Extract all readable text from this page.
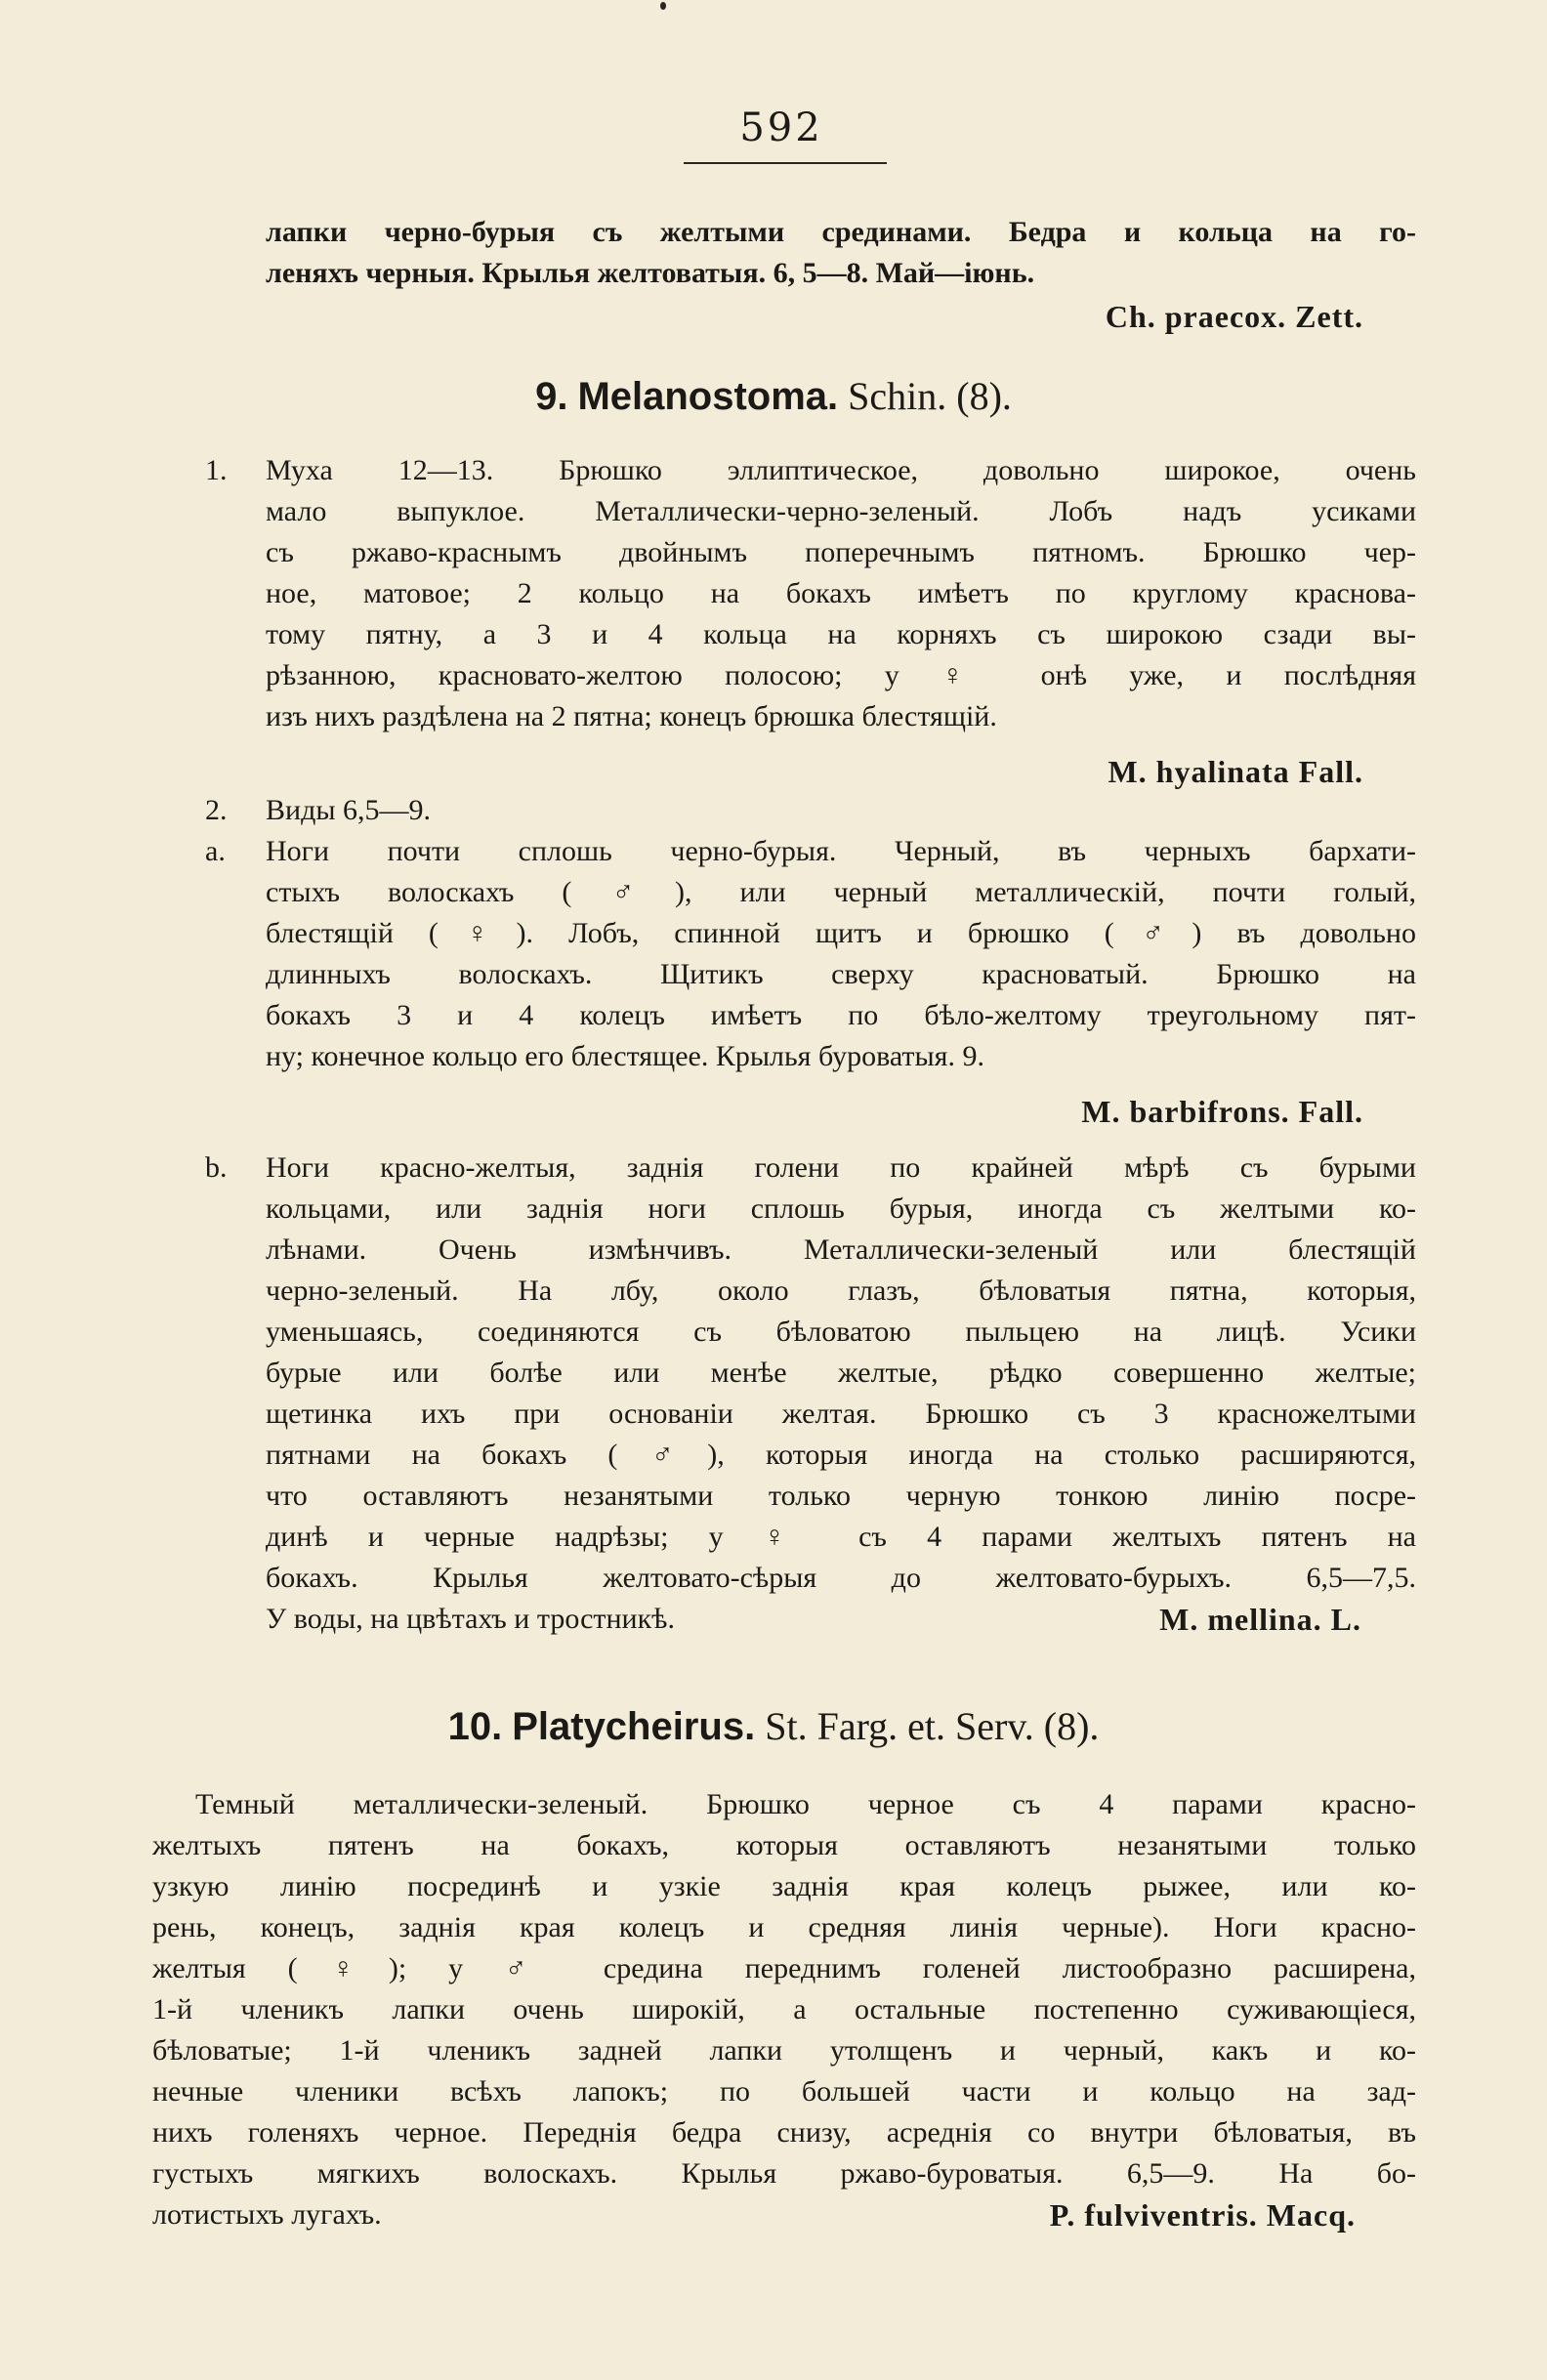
592
лапки черно-бурыя съ желтыми срединами. Бедра и кольца на го-
леняхъ черныя. Крылья желтоватыя. 6, 5—8. Май—іюнь.
Ch. praecox. Zett.
9. Melanostoma. Schin. (8).
1. Муха 12—13. Брюшко эллиптическое, довольно широкое, очень
мало выпуклое. Металлически-черно-зеленый. Лобъ надъ усиками
съ ржаво-краснымъ двойнымъ поперечнымъ пятномъ. Брюшко чер-
ное, матовое; 2 кольцо на бокахъ имѣетъ по круглому краснова-
тому пятну, а 3 и 4 кольца на корняхъ съ широкою сзади вы-
рѣзанною, красновато-желтою полосою; у ♀ онѣ уже, и послѣдняя
изъ нихъ раздѣлена на 2 пятна; конецъ брюшка блестящій.
M. hyalinata Fall.
2. Виды 6,5—9.
a. Ноги почти сплошь черно-бурыя. Черный, въ черныхъ бархати-
стыхъ волоскахъ (♂), или черный металлическій, почти голый,
блестящій (♀). Лобъ, спинной щитъ и брюшко (♂) въ довольно
длинныхъ волоскахъ. Щитикъ сверху красноватый. Брюшко на
бокахъ 3 и 4 колецъ имѣетъ по бѣло-желтому треугольному пят-
ну; конечное кольцо его блестящее. Крылья буроватыя. 9.
M. barbifrons. Fall.
b. Ноги красно-желтыя, заднія голени по крайней мѣрѣ съ бурыми
кольцами, или заднія ноги сплошь бурыя, иногда съ желтыми ко-
лѣнами. Очень измѣнчивъ. Металлически-зеленый или блестящій
черно-зеленый. На лбу, около глазъ, бѣловатыя пятна, которыя,
уменьшаясь, соединяются съ бѣловатою пыльцею на лицѣ. Усики
бурые или болѣе или менѣе желтые, рѣдко совершенно желтые;
щетинка ихъ при основаніи желтая. Брюшко съ 3 красножелтыми
пятнами на бокахъ (♂), которыя иногда на столько расширяются,
что оставляютъ незанятыми только черную тонкою линію посре-
динѣ и черные надрѣзы; у ♀ съ 4 парами желтыхъ пятенъ на
бокахъ. Крылья желтовато-сѣрыя до желтовато-бурыхъ. 6,5—7,5.
У воды, на цвѣтахъ и тростникѣ.	M. mellina. L.
10. Platycheirus. St. Farg. et. Serv. (8).
Темный металлически-зеленый. Брюшко черное съ 4 парами красно-
желтыхъ пятенъ на бокахъ, которыя оставляютъ незанятыми только
узкую линію посрединѣ и узкіе заднія края колецъ рыжее, или ко-
рень, конецъ, заднія края колецъ и средняя линія черные). Ноги красно-
желтыя (♀); у ♂ средина переднимъ голеней листообразно расширена,
1-й членикъ лапки очень широкій, а остальные постепенно суживающіеся,
бѣловатые; 1-й членикъ задней лапки утолщенъ и черный, какъ и ко-
нечные членики всѣхъ лапокъ; по большей части и кольцо на зад-
нихъ голеняхъ черное. Переднія бедра снизу, асреднія со внутри бѣловатыя, въ
густыхъ мягкихъ волоскахъ. Крылья ржаво-буроватыя. 6,5—9. На бо-
лотистыхъ лугахъ.	P. fulviventris. Macq.
